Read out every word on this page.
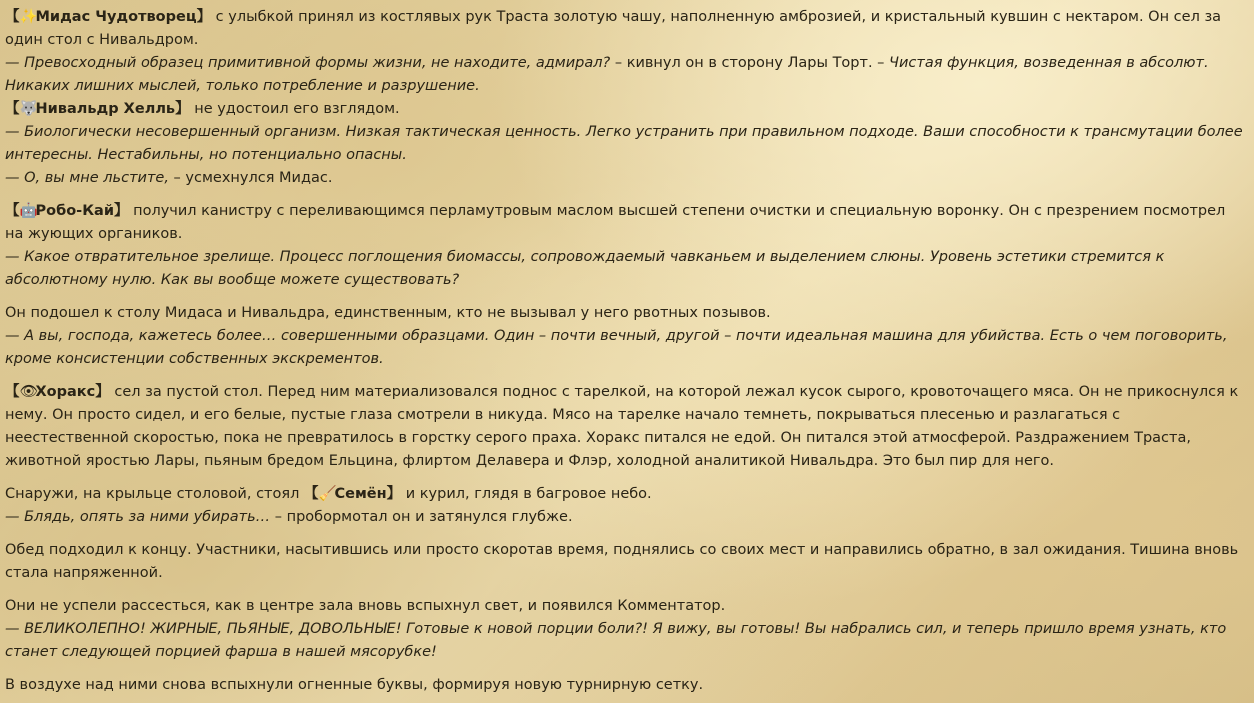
【✨Мидас Чудотворец】 с улыбкой принял из костлявых рук Траста золотую чашу, наполненную амброзией, и кристальный кувшин с нектаром. Он сел за один стол с Нивальдром.

— Превосходный образец примитивной формы жизни, не находите, адмирал? – кивнул он в сторону Лары Торт. – Чистая функция, возведенная в абсолют. Никаких лишних мыслей, только потребление и разрушение.

【🐺Нивальдр Хелль】 не удостоил его взглядом.

— Биологически несовершенный организм. Низкая тактическая ценность. Легко устранить при правильном подходе. Ваши способности к трансмутации более интересны. Нестабильны, но потенциально опасны.

— О, вы мне льстите, – усмехнулся Мидас.

【🤖Робо-Кай】 получил канистру с переливающимся перламутровым маслом высшей степени очистки и специальную воронку. Он с презрением посмотрел на жующих органиков.

— Какое отвратительное зрелище. Процесс поглощения биомассы, сопровождаемый чавканьем и выделением слюны. Уровень эстетики стремится к абсолютному нулю. Как вы вообще можете существовать?

Он подошел к столу Мидаса и Нивальдра, единственным, кто не вызывал у него рвотных позывов.

— А вы, господа, кажетесь более… совершенными образцами. Один – почти вечный, другой – почти идеальная машина для убийства. Есть о чем поговорить, кроме консистенции собственных экскрементов.

【👁Хоракс】 сел за пустой стол. Перед ним материализовался поднос с тарелкой, на которой лежал кусок сырого, кровоточащего мяса. Он не прикоснулся к нему. Он просто сидел, и его белые, пустые глаза смотрели в никуда. Мясо на тарелке начало темнеть, покрываться плесенью и разлагаться с неестественной скоростью, пока не превратилось в горстку серого праха. Хоракс питался не едой. Он питался этой атмосферой. Раздражением Траста, животной яростью Лары, пьяным бредом Ельцина, флиртом Делавера и Флэр, холодной аналитикой Нивальдра. Это был пир для него.

Снаружи, на крыльце столовой, стоял 【🧹Семён】 и курил, глядя в багровое небо.

— Блядь, опять за ними убирать… – пробормотал он и затянулся глубже.

Обед подходил к концу. Участники, насытившись или просто скоротав время, поднялись со своих мест и направились обратно, в зал ожидания. Тишина вновь стала напряженной.

Они не успели рассесться, как в центре зала вновь вспыхнул свет, и появился Комментатор.

— ВЕЛИКОЛЕПНО! ЖИРНЫЕ, ПЬЯНЫЕ, ДОВОЛЬНЫЕ! Готовые к новой порции боли?! Я вижу, вы готовы! Вы набрались сил, и теперь пришло время узнать, кто станет следующей порцией фарша в нашей мясорубке!

В воздухе над ними снова вспыхнули огненные буквы, формируя новую турнирную сетку.
